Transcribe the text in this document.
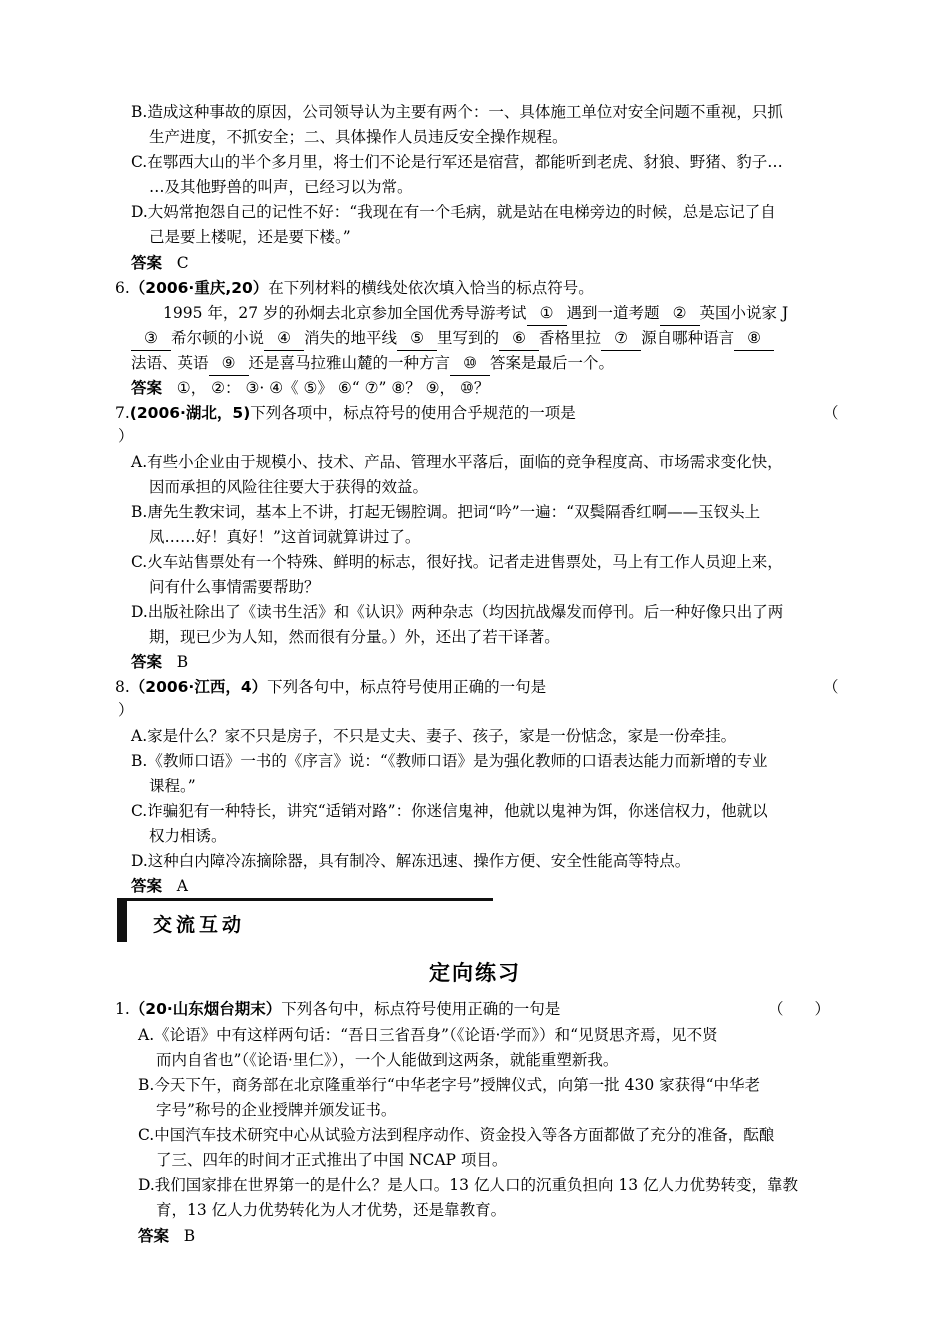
B.造成这种事故的原因，公司领导认为主要有两个：一、具体施工单位对安全问题不重视，只抓
生产进度，不抓安全；二、具体操作人员违反安全操作规程。
C.在鄂西大山的半个多月里，将士们不论是行军还是宿营，都能听到老虎、豺狼、野猪、豹子…
…及其他野兽的叫声，已经习以为常。
D.大妈常抱怨自己的记性不好：“我现在有一个毛病，就是站在电梯旁边的时候，总是忘记了自
己是要上楼呢，还是要下楼。”
答案 C
6.（2006·重庆,20）在下列材料的横线处依次填入恰当的标点符号。
1995 年，27 岁的孙炯去北京参加全国优秀导游考试 ① 遇到一道考题 ② 英国小说家 J
③ 希尔顿的小说 ④ 消失的地平线 ⑤ 里写到的 ⑥ 香格里拉 ⑦ 源自哪种语言 ⑧
法语、英语 ⑨ 还是喜马拉雅山麓的一种方言 ⑩ 答案是最后一个。
答案 ①， ②： ③· ④《 ⑤》 ⑥“ ⑦” ⑧？ ⑨， ⑩？
7.(2006·湖北，5)下列各项中，标点符号的使用合乎规范的一项是	（
）
A.有些小企业由于规模小、技术、产品、管理水平落后，面临的竞争程度高、市场需求变化快，
因而承担的风险往往要大于获得的效益。
B.唐先生教宋词，基本上不讲，打起无锡腔调。把词“吟”一遍：“双鬓隔香红啊——玉钗头上
凤……好！真好！”这首词就算讲过了。
C.火车站售票处有一个特殊、鲜明的标志，很好找。记者走进售票处，马上有工作人员迎上来，
问有什么事情需要帮助？
D.出版社除出了《读书生活》和《认识》两种杂志（均因抗战爆发而停刊。后一种好像只出了两
期，现已少为人知，然而很有分量。）外，还出了若干译著。
答案 B
8.（2006·江西，4）下列各句中，标点符号使用正确的一句是	（
）
A.家是什么？家不只是房子，不只是丈夫、妻子、孩子，家是一份惦念，家是一份牵挂。
B.《教师口语》一书的《序言》说：“《教师口语》是为强化教师的口语表达能力而新增的专业
课程。”
C.诈骗犯有一种特长，讲究“适销对路”：你迷信鬼神，他就以鬼神为饵，你迷信权力，他就以
权力相诱。
D.这种白内障冷冻摘除器，具有制冷、解冻迅速、操作方便、安全性能高等特点。
答案 A
交流互动
定向练习
1.（20·山东烟台期末）下列各句中，标点符号使用正确的一句是	（　　）
A.《论语》中有这样两句话：“吾日三省吾身”（《论语·学而》）和“见贤思齐焉，见不贤
而内自省也”（《论语·里仁》），一个人能做到这两条，就能重塑新我。
B.今天下午，商务部在北京隆重举行“中华老字号”授牌仪式，向第一批 430 家获得“中华老
字号”称号的企业授牌并颁发证书。
C.中国汽车技术研究中心从试验方法到程序动作、资金投入等各方面都做了充分的准备，酝酿
了三、四年的时间才正式推出了中国 NCAP 项目。
D.我们国家排在世界第一的是什么？是人口。13 亿人口的沉重负担向 13 亿人力优势转变，靠教
育，13 亿人力优势转化为人才优势，还是靠教育。
答案 B
